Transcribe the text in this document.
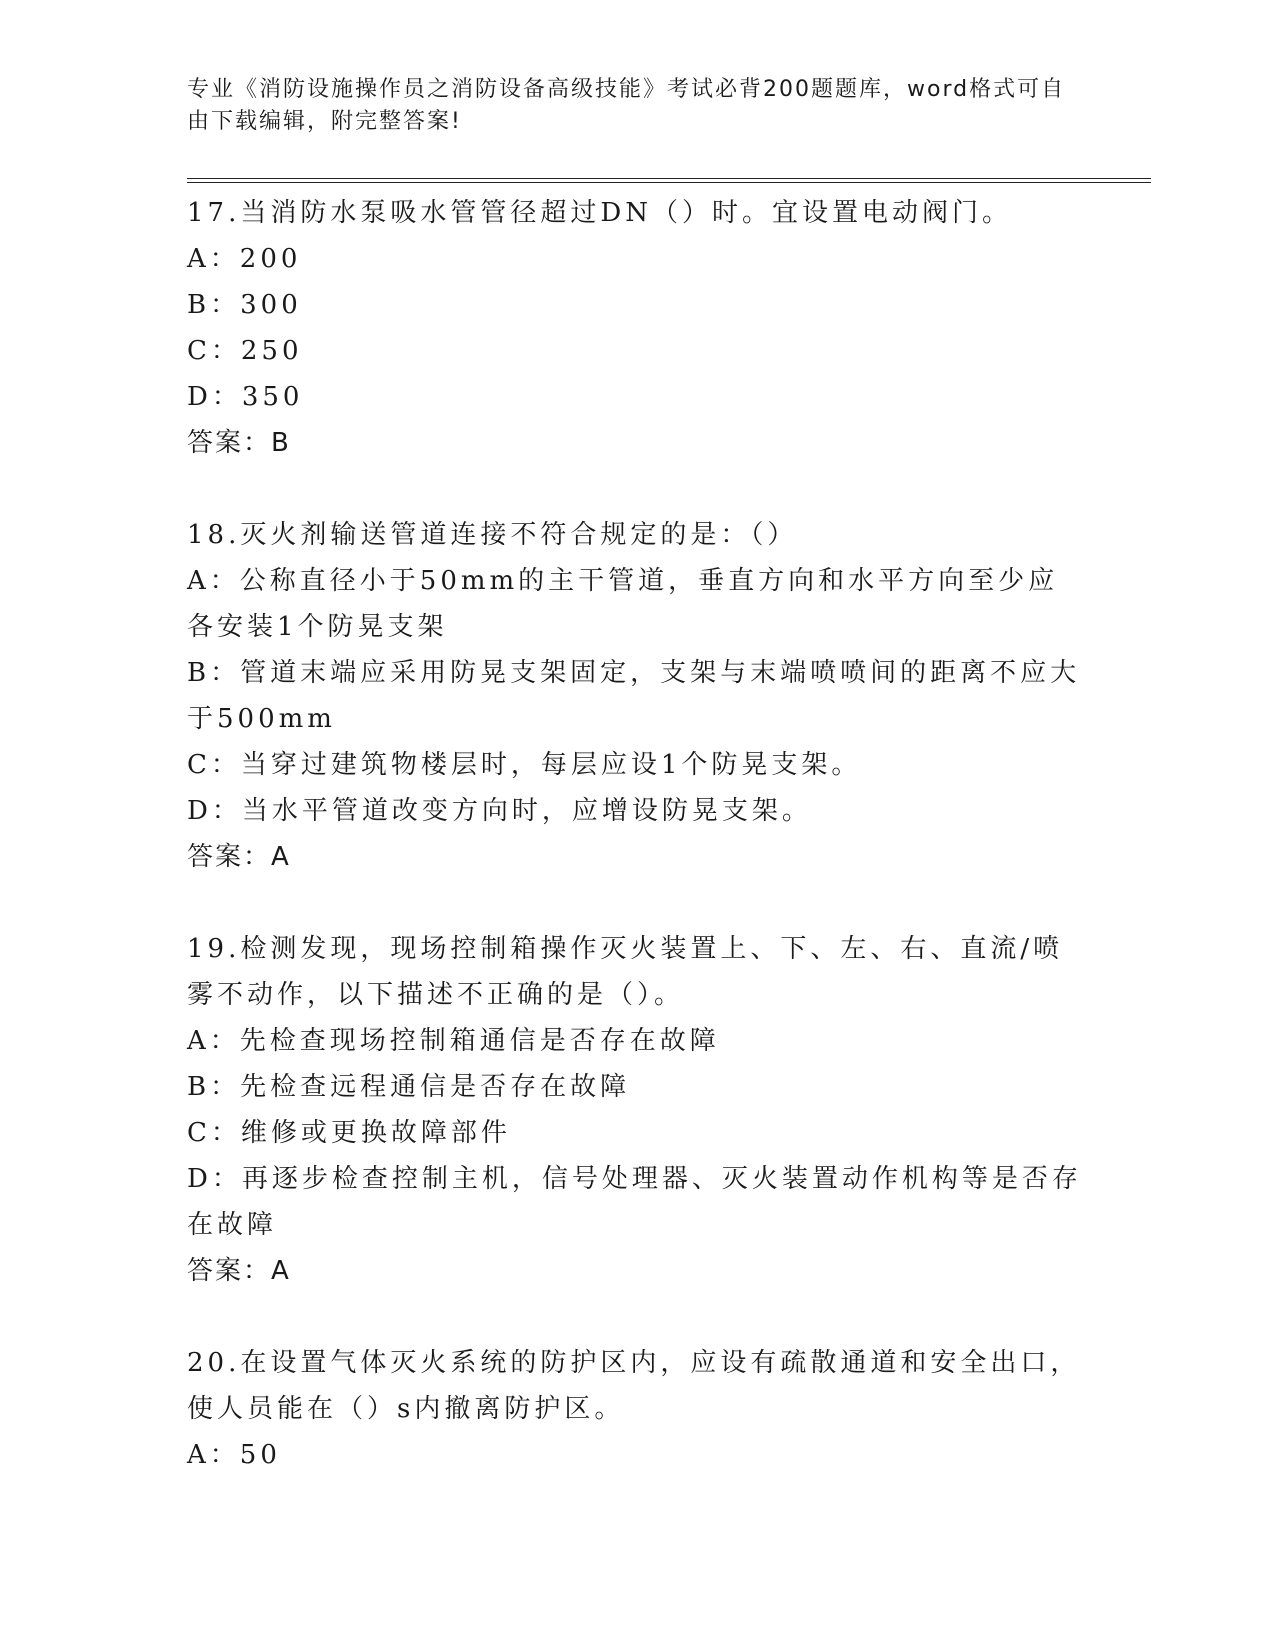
专业《消防设施操作员之消防设备高级技能》考试必背200题题库，word格式可自由下载编辑，附完整答案!
17.当消防水泵吸水管管径超过DN（）时。宜设置电动阀门。
A：200
B：300
C：250
D：350
答案：B
18.灭火剂输送管道连接不符合规定的是：（）
A：公称直径小于50mm的主干管道，垂直方向和水平方向至少应各安装1个防晃支架
B：管道末端应采用防晃支架固定，支架与末端喷喷间的距离不应大于500mm
C：当穿过建筑物楼层时，每层应设1个防晃支架。
D：当水平管道改变方向时，应增设防晃支架。
答案：A
19.检测发现，现场控制箱操作灭火装置上、下、左、右、直流/喷雾不动作，以下描述不正确的是（）。
A：先检查现场控制箱通信是否存在故障
B：先检查远程通信是否存在故障
C：维修或更换故障部件
D：再逐步检查控制主机，信号处理器、灭火装置动作机构等是否存在故障
答案：A
20.在设置气体灭火系统的防护区内，应设有疏散通道和安全出口，使人员能在（）s内撤离防护区。
A：50
